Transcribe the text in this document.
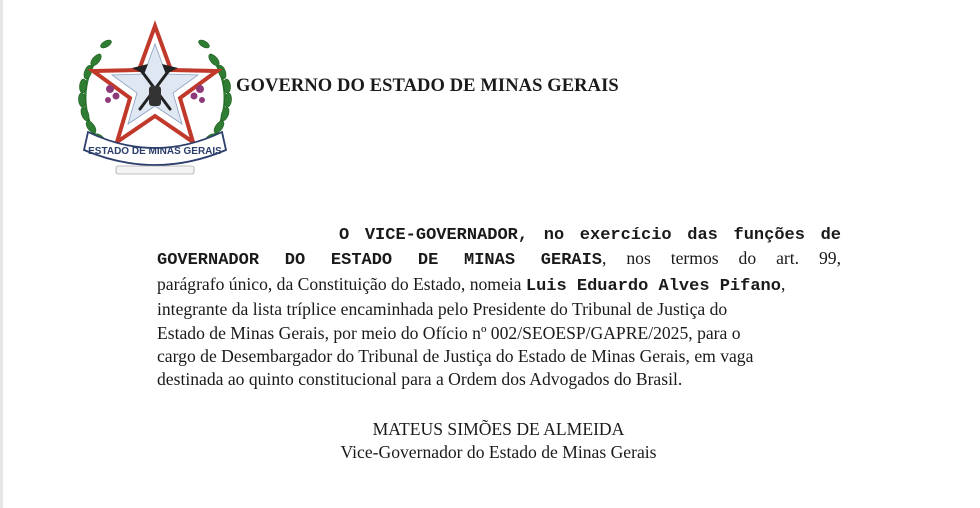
ESTADO DE MINAS GERAIS
GOVERNO DO ESTADO DE MINAS GERAIS
O VICE-GOVERNADOR, no exercício das funções de
GOVERNADOR DO ESTADO DE MINAS GERAIS, nos termos do art. 99,
parágrafo único, da Constituição do Estado, nomeia Luis Eduardo Alves Pifano,
integrante da lista tríplice encaminhada pelo Presidente do Tribunal de Justiça do
Estado de Minas Gerais, por meio do Ofício nº 002/SEOESP/GAPRE/2025, para o
cargo de Desembargador do Tribunal de Justiça do Estado de Minas Gerais, em vaga
destinada ao quinto constitucional para a Ordem dos Advogados do Brasil.
MATEUS SIMÕES DE ALMEIDA
Vice-Governador do Estado de Minas Gerais
